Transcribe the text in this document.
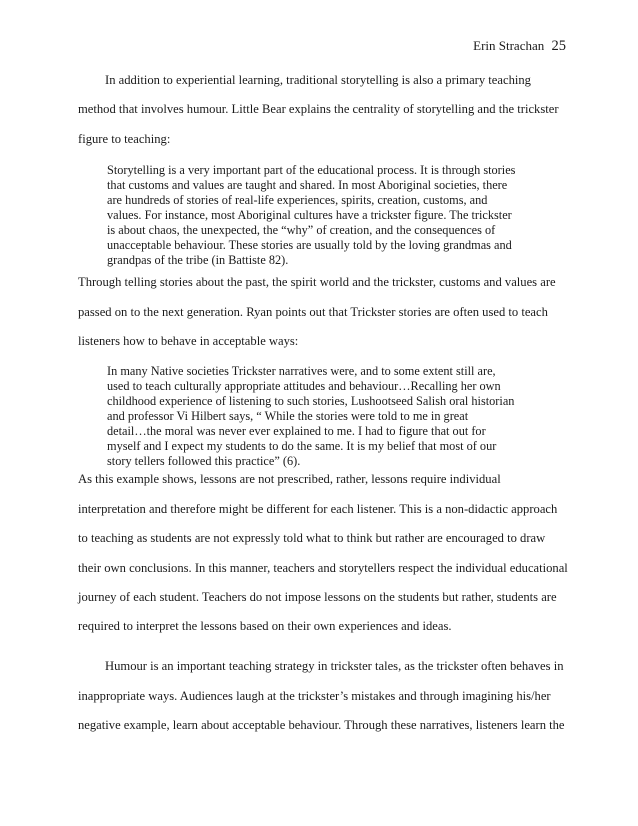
Erin Strachan 25
In addition to experiential learning, traditional storytelling is also a primary teaching
method that involves humour. Little Bear explains the centrality of storytelling and the trickster
figure to teaching:
Storytelling is a very important part of the educational process. It is through stories
that customs and values are taught and shared. In most Aboriginal societies, there
are hundreds of stories of real-life experiences, spirits, creation, customs, and
values. For instance, most Aboriginal cultures have a trickster figure. The trickster
is about chaos, the unexpected, the “why” of creation, and the consequences of
unacceptable behaviour. These stories are usually told by the loving grandmas and
grandpas of the tribe (in Battiste 82).
Through telling stories about the past, the spirit world and the trickster, customs and values are
passed on to the next generation. Ryan points out that Trickster stories are often used to teach
listeners how to behave in acceptable ways:
In many Native societies Trickster narratives were, and to some extent still are,
used to teach culturally appropriate attitudes and behaviour…Recalling her own
childhood experience of listening to such stories, Lushootseed Salish oral historian
and professor Vi Hilbert says, “ While the stories were told to me in great
detail…the moral was never ever explained to me. I had to figure that out for
myself and I expect my students to do the same. It is my belief that most of our
story tellers followed this practice” (6).
As this example shows, lessons are not prescribed, rather, lessons require individual
interpretation and therefore might be different for each listener. This is a non-didactic approach
to teaching as students are not expressly told what to think but rather are encouraged to draw
their own conclusions. In this manner, teachers and storytellers respect the individual educational
journey of each student. Teachers do not impose lessons on the students but rather, students are
required to interpret the lessons based on their own experiences and ideas.
Humour is an important teaching strategy in trickster tales, as the trickster often behaves in
inappropriate ways. Audiences laugh at the trickster’s mistakes and through imagining his/her
negative example, learn about acceptable behaviour. Through these narratives, listeners learn the
